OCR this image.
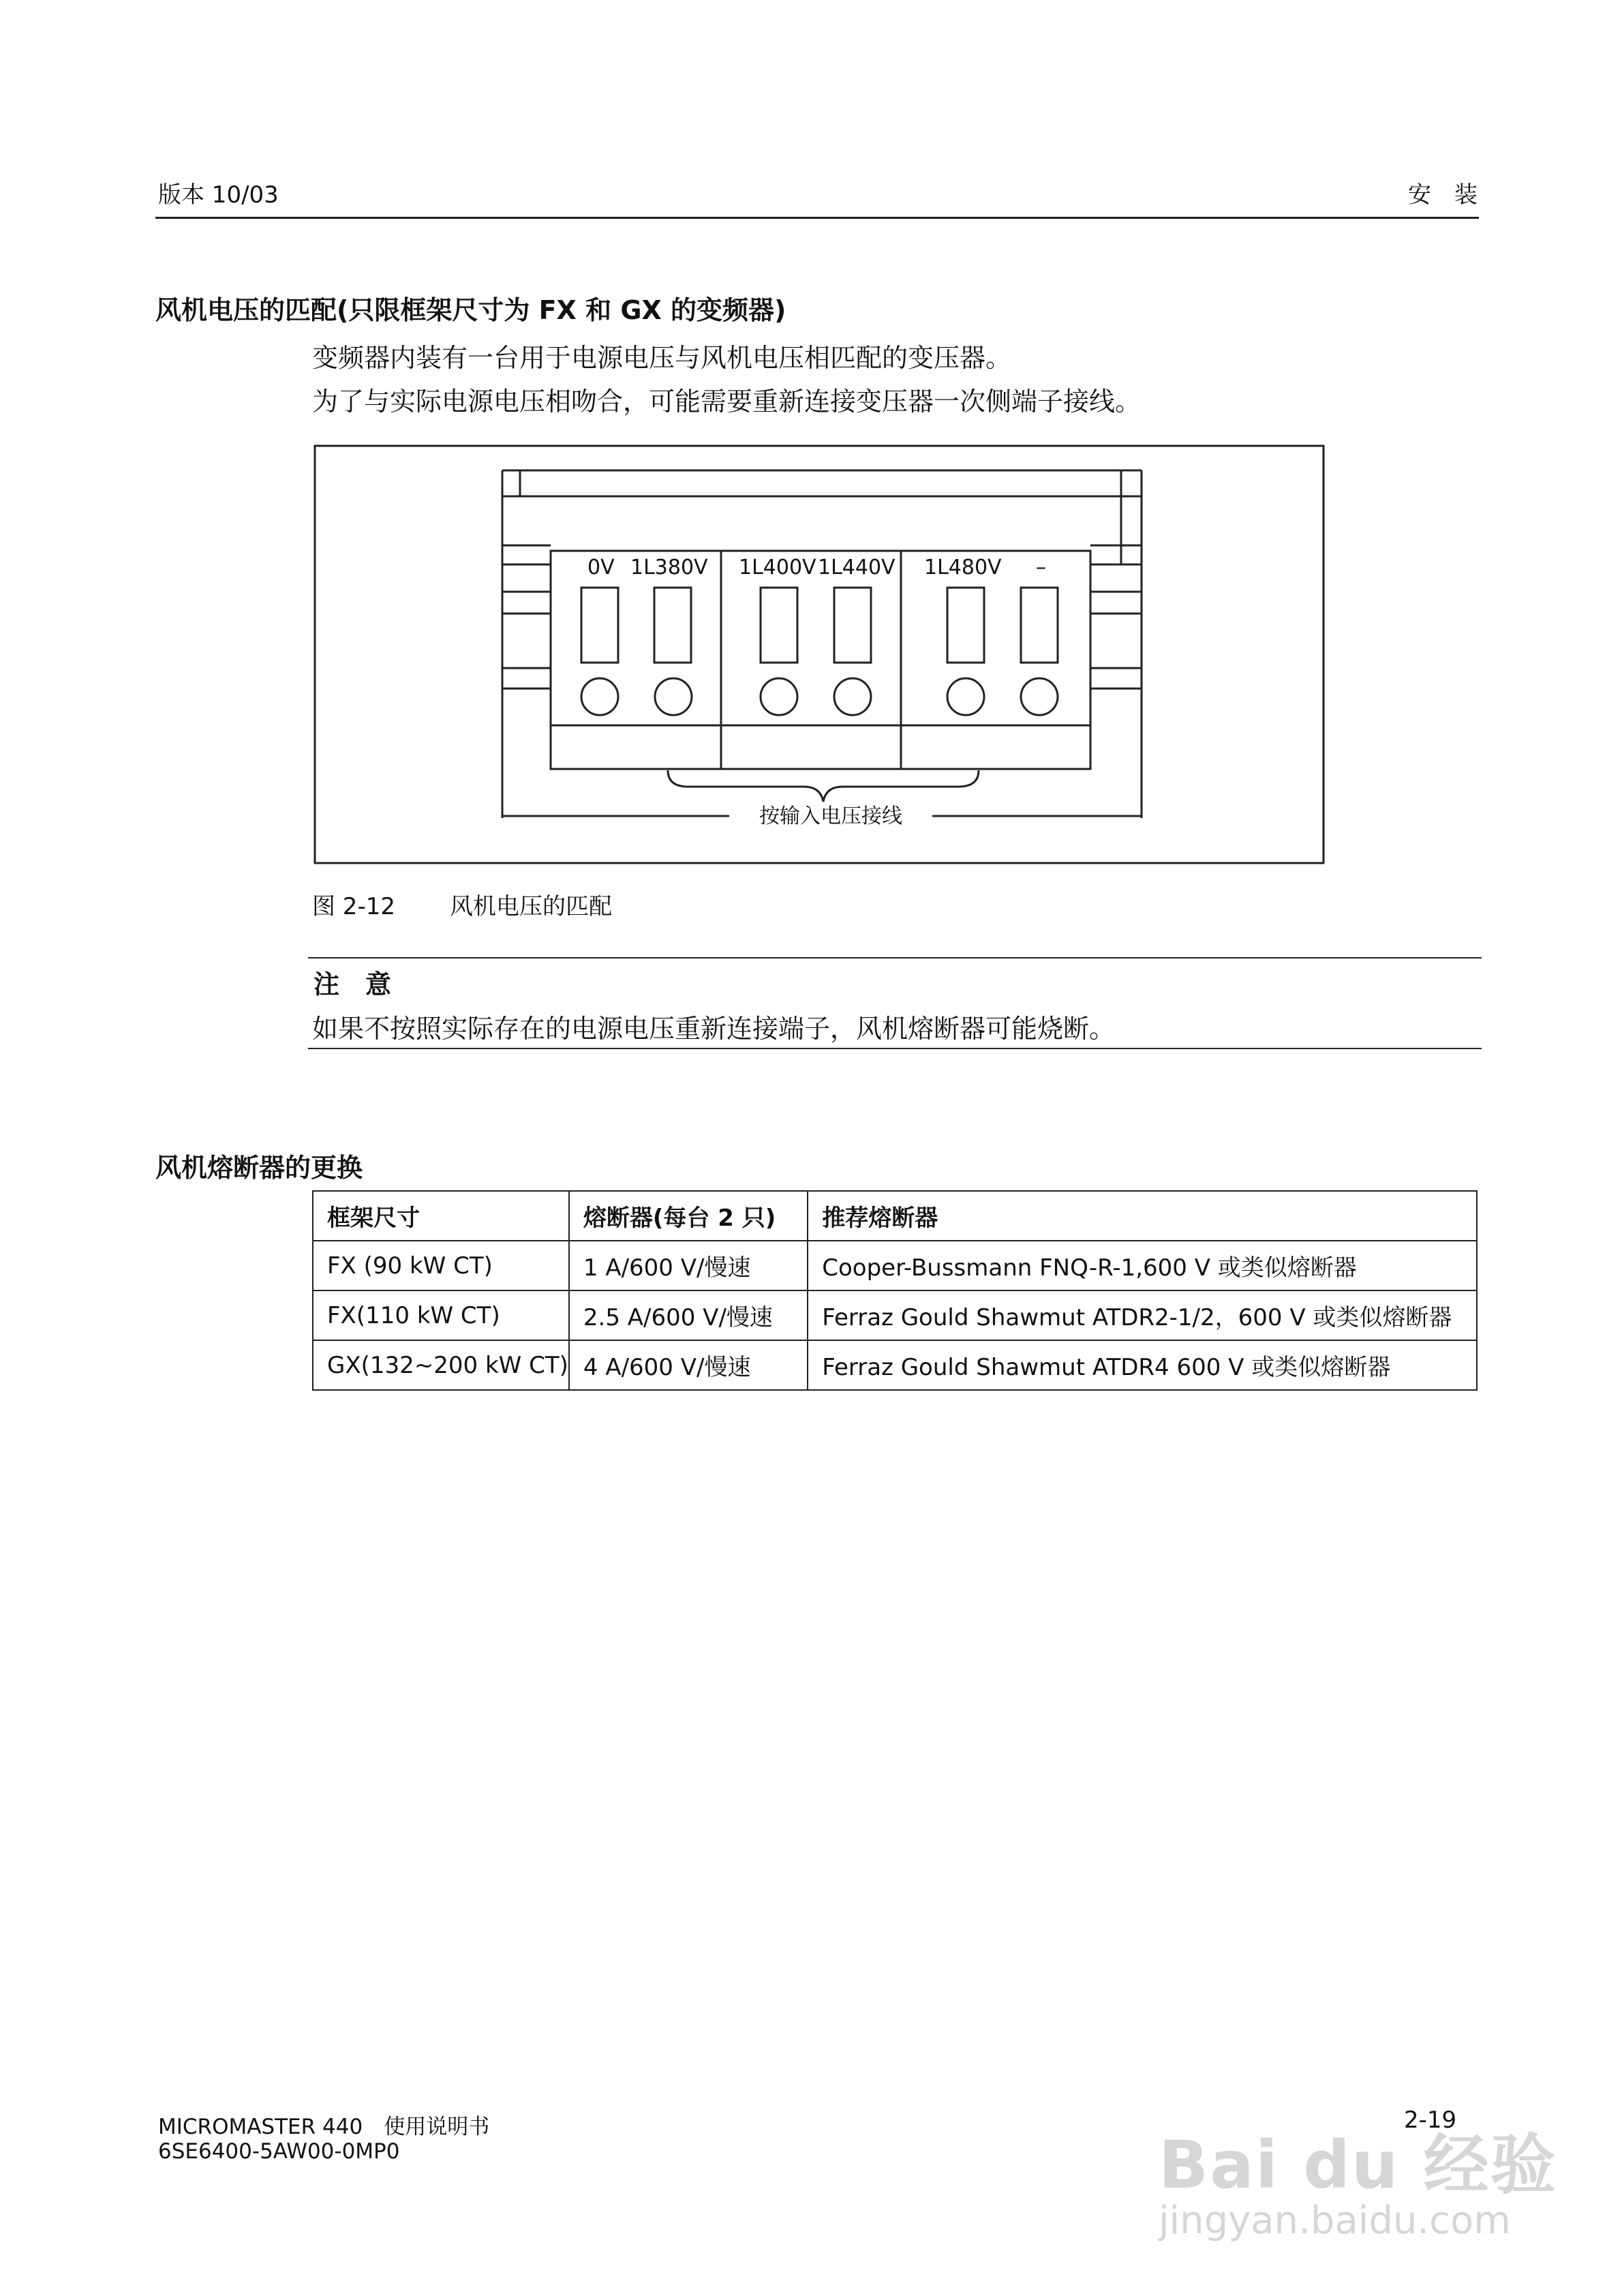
版本 10/03	安　装
风机电压的匹配(只限框架尺寸为 FX 和 GX 的变频器)
变频器内装有一台用于电源电压与风机电压相匹配的变压器。
为了与实际电源电压相吻合，可能需要重新连接变压器一次侧端子接线。
0V 1L380V 1L400V 1L440V 1L480V –
按输入电压接线
图 2-12 风机电压的匹配
注　意
如果不按照实际存在的电源电压重新连接端子，风机熔断器可能烧断。
风机熔断器的更换
框架尺寸	熔断器(每台 2 只)	推荐熔断器
FX (90 kW CT)	1 A/600 V/慢速	Cooper-Bussmann FNQ-R-1,600 V 或类似熔断器
FX(110 kW CT)	2.5 A/600 V/慢速	Ferraz Gould Shawmut ATDR2-1/2，600 V 或类似熔断器
GX(132~200 kW CT)	4 A/600 V/慢速	Ferraz Gould Shawmut ATDR4 600 V 或类似熔断器
MICROMASTER 440　使用说明书
6SE6400-5AW00-0MP0
2-19
Bai du 经验
jingyan.baidu.com
